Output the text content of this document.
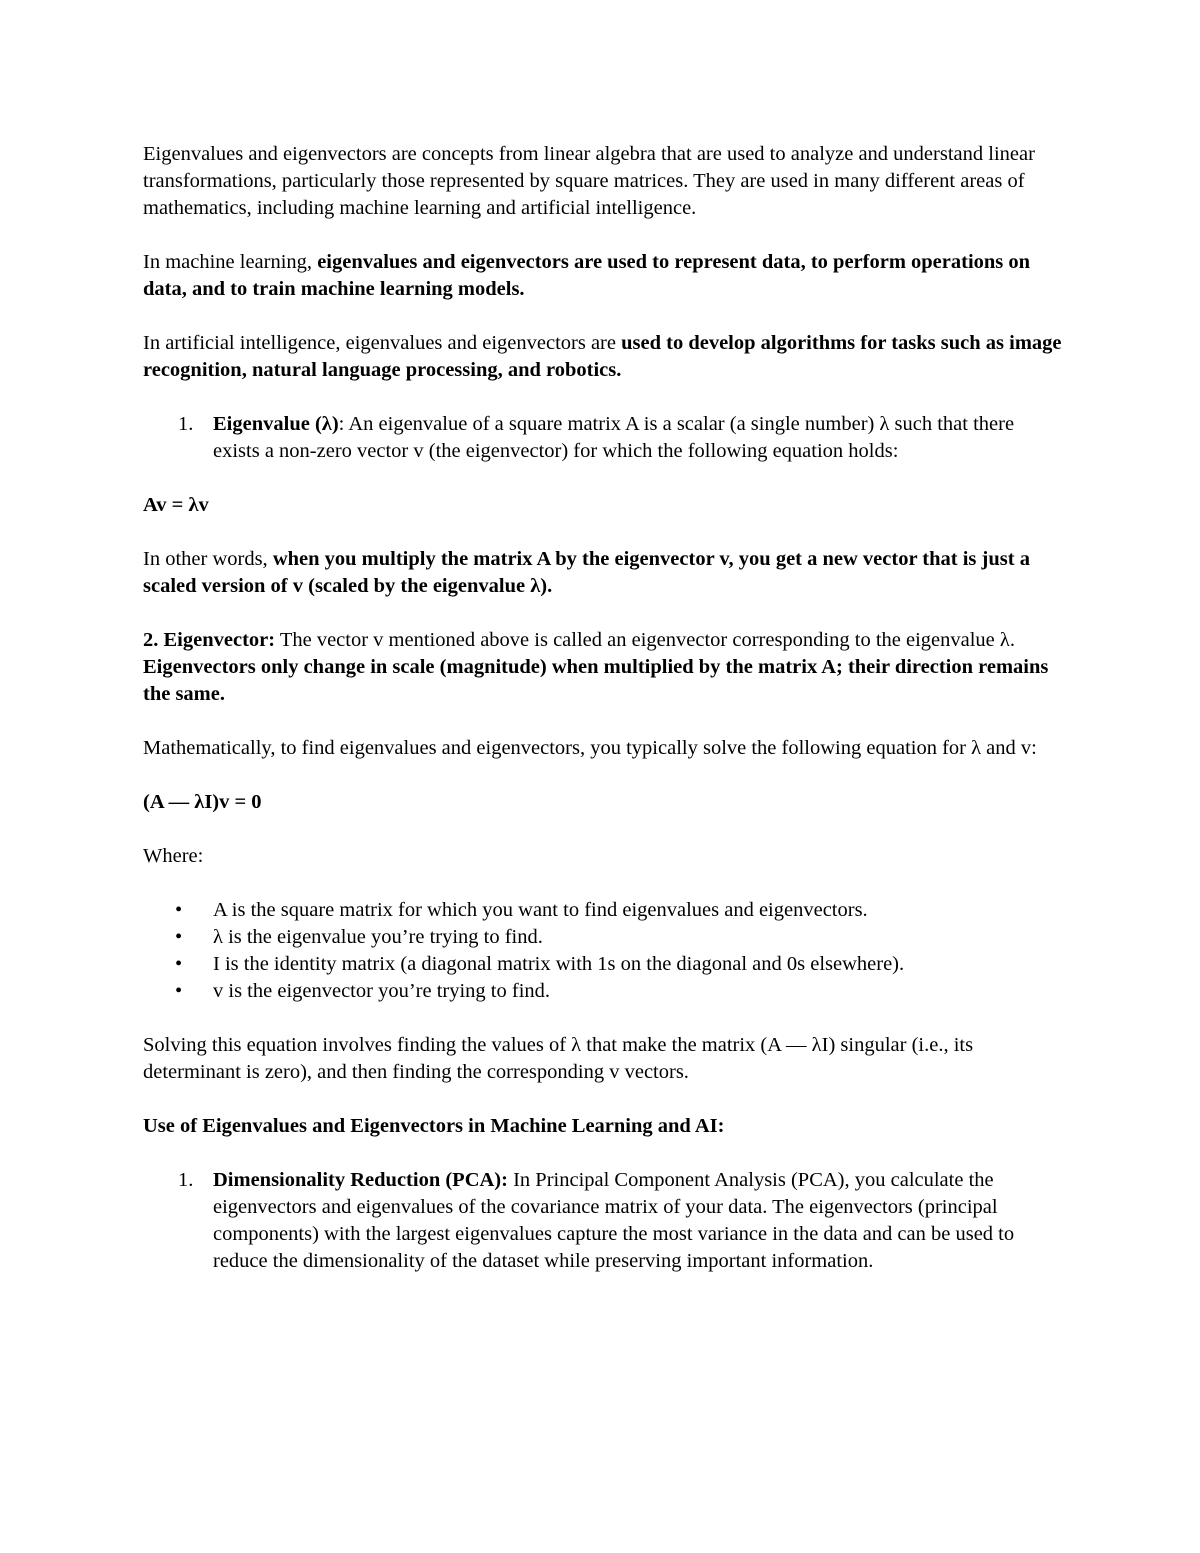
Eigenvalues and eigenvectors are concepts from linear algebra that are used to analyze and understand linear transformations, particularly those represented by square matrices. They are used in many different areas of mathematics, including machine learning and artificial intelligence.

In machine learning, eigenvalues and eigenvectors are used to represent data, to perform operations on data, and to train machine learning models.

In artificial intelligence, eigenvalues and eigenvectors are used to develop algorithms for tasks such as image recognition, natural language processing, and robotics.

1. Eigenvalue (λ): An eigenvalue of a square matrix A is a scalar (a single number) λ such that there exists a non-zero vector v (the eigenvector) for which the following equation holds:

Av = λv

In other words, when you multiply the matrix A by the eigenvector v, you get a new vector that is just a scaled version of v (scaled by the eigenvalue λ).

2. Eigenvector: The vector v mentioned above is called an eigenvector corresponding to the eigenvalue λ. Eigenvectors only change in scale (magnitude) when multiplied by the matrix A; their direction remains the same.

Mathematically, to find eigenvalues and eigenvectors, you typically solve the following equation for λ and v:

(A — λI)v = 0

Where:

• A is the square matrix for which you want to find eigenvalues and eigenvectors.
• λ is the eigenvalue you’re trying to find.
• I is the identity matrix (a diagonal matrix with 1s on the diagonal and 0s elsewhere).
• v is the eigenvector you’re trying to find.

Solving this equation involves finding the values of λ that make the matrix (A — λI) singular (i.e., its determinant is zero), and then finding the corresponding v vectors.

Use of Eigenvalues and Eigenvectors in Machine Learning and AI:

1. Dimensionality Reduction (PCA): In Principal Component Analysis (PCA), you calculate the eigenvectors and eigenvalues of the covariance matrix of your data. The eigenvectors (principal components) with the largest eigenvalues capture the most variance in the data and can be used to reduce the dimensionality of the dataset while preserving important information.
